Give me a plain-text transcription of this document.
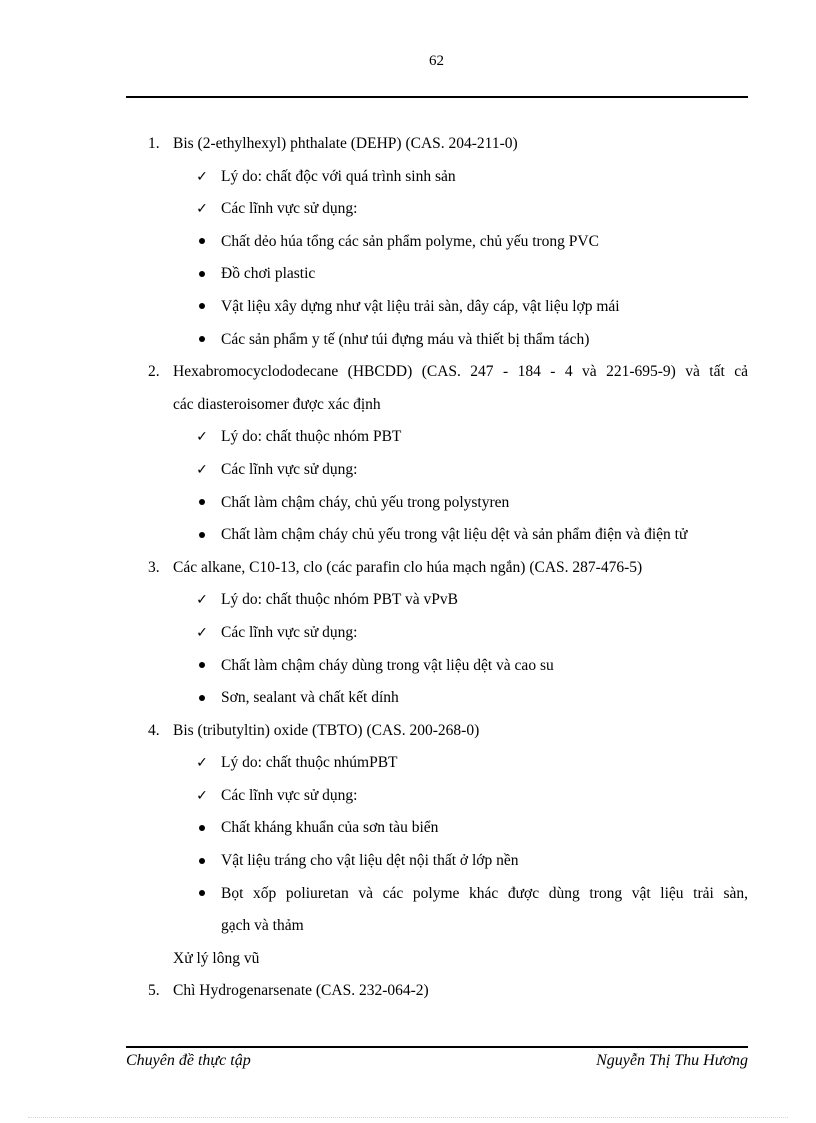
62
1. Bis (2-ethylhexyl) phthalate (DEHP) (CAS. 204-211-0)
✓ Lý do: chất độc với quá trình sinh sản
✓ Các lĩnh vực sử dụng:
Chất dẻo húa tổng các sản phẩm polyme, chủ yếu trong PVC
Đồ chơi plastic
Vật liệu xây dựng như vật liệu trải sàn, dây cáp, vật liệu lợp mái
Các sản phẩm y tế (như túi đựng máu và thiết bị thẩm tách)
2. Hexabromocyclododecane (HBCDD) (CAS. 247 - 184 - 4 và 221-695-9) và tất cả
các diasteroisomer được xác định
✓ Lý do: chất thuộc nhóm PBT
✓ Các lĩnh vực sử dụng:
Chất làm chậm cháy, chủ yếu trong polystyren
Chất làm chậm cháy chủ yếu trong vật liệu dệt và sản phẩm điện và điện tử
3. Các alkane, C10-13, clo (các parafin clo húa mạch ngắn) (CAS. 287-476-5)
✓ Lý do: chất thuộc nhóm PBT và vPvB
✓ Các lĩnh vực sử dụng:
Chất làm chậm cháy dùng trong vật liệu dệt và cao su
Sơn, sealant và chất kết dính
4. Bis (tributyltin) oxide (TBTO) (CAS. 200-268-0)
✓ Lý do: chất thuộc nhúmPBT
✓ Các lĩnh vực sử dụng:
Chất kháng khuẩn của sơn tàu biển
Vật liệu tráng cho vật liệu dệt nội thất ở lớp nền
Bọt xốp poliuretan và các polyme khác được dùng trong vật liệu trải sàn,
gạch và thảm
Xử lý lông vũ
5. Chì Hydrogenarsenate (CAS. 232-064-2)
Chuyên đề thực tập	Nguyễn Thị Thu Hương
